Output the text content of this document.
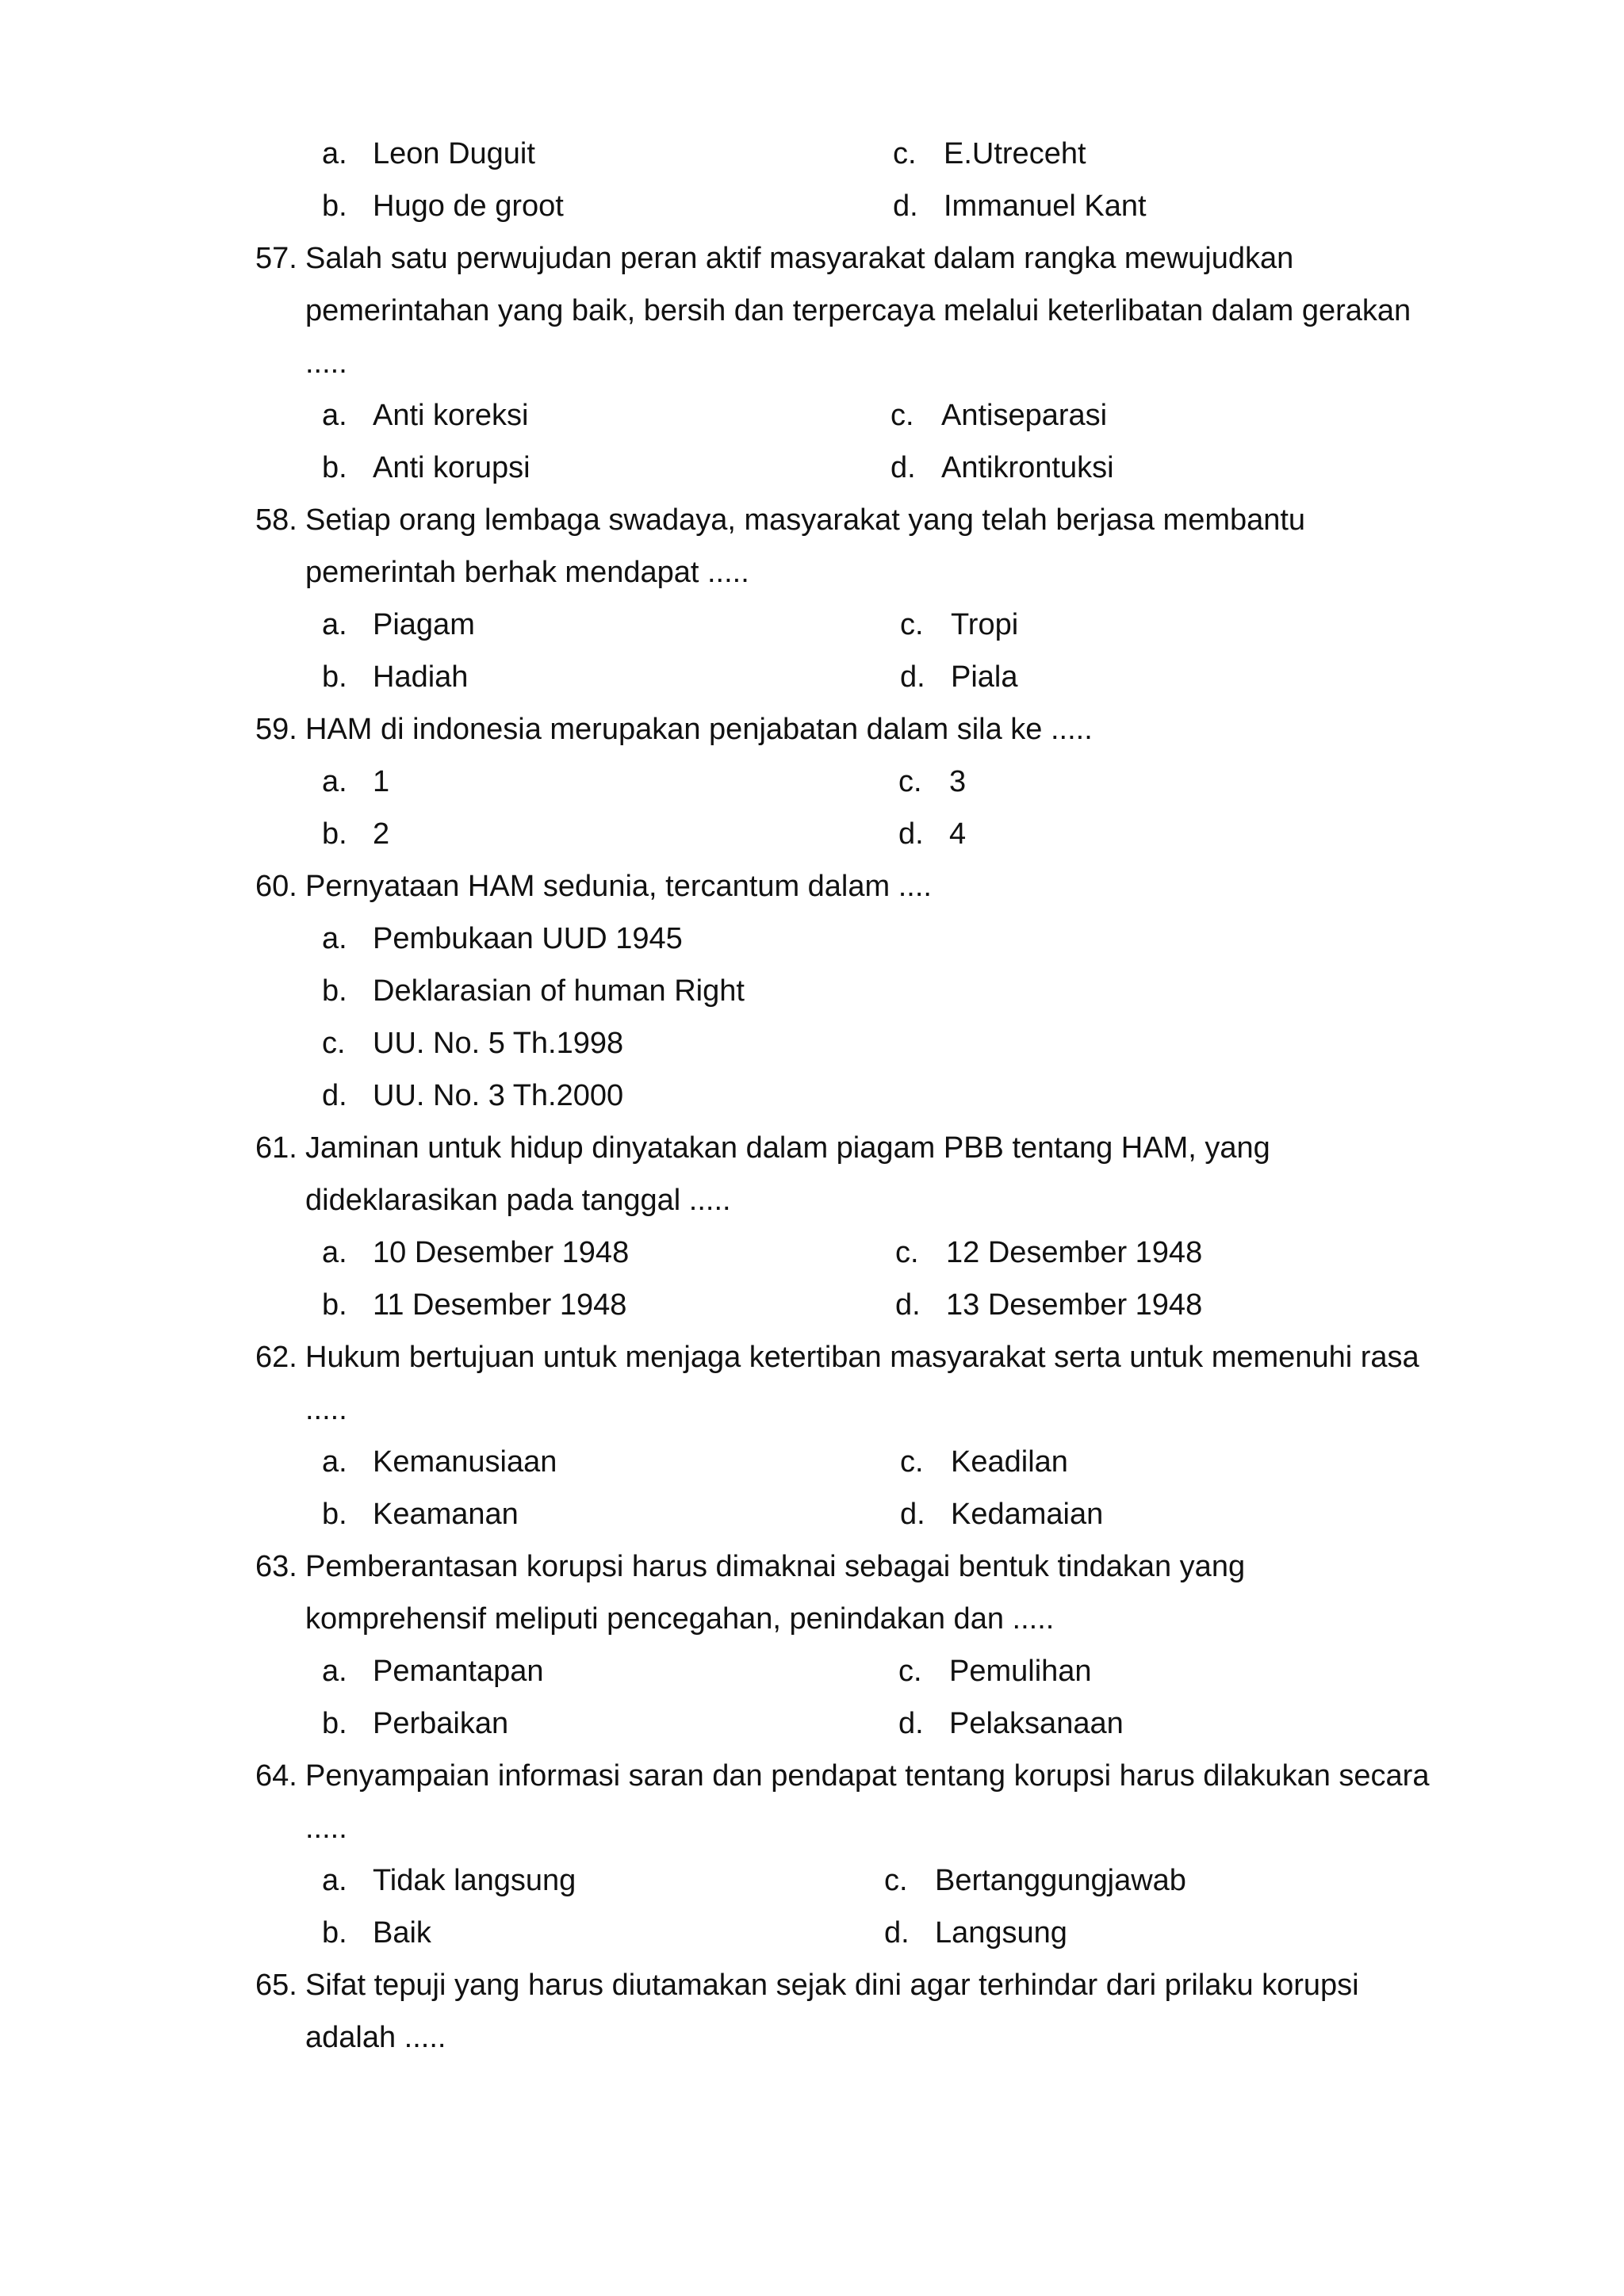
a. Leon Duguit	c. E.Utreceht
b. Hugo de groot	d. Immanuel Kant
57. Salah satu perwujudan peran aktif masyarakat dalam rangka mewujudkan
pemerintahan yang baik, bersih dan terpercaya melalui keterlibatan dalam gerakan
.....
a. Anti koreksi	c. Antiseparasi
b. Anti korupsi	d. Antikrontuksi
58. Setiap orang lembaga swadaya, masyarakat yang telah berjasa membantu
pemerintah berhak mendapat .....
a. Piagam	c. Tropi
b. Hadiah	d. Piala
59. HAM di indonesia merupakan penjabatan dalam sila ke .....
a. 1	c. 3
b. 2	d. 4
60. Pernyataan HAM sedunia, tercantum dalam ....
a. Pembukaan UUD 1945
b. Deklarasian of human Right
c. UU. No. 5 Th.1998
d. UU. No. 3 Th.2000
61. Jaminan untuk hidup dinyatakan dalam piagam PBB tentang HAM, yang
dideklarasikan pada tanggal .....
a. 10 Desember 1948	c. 12 Desember 1948
b. 11 Desember 1948	d. 13 Desember 1948
62. Hukum bertujuan untuk menjaga ketertiban masyarakat serta untuk memenuhi rasa
.....
a. Kemanusiaan	c. Keadilan
b. Keamanan	d. Kedamaian
63. Pemberantasan korupsi harus dimaknai sebagai bentuk tindakan yang
komprehensif meliputi pencegahan, penindakan dan .....
a. Pemantapan	c. Pemulihan
b. Perbaikan	d. Pelaksanaan
64. Penyampaian informasi saran dan pendapat tentang korupsi harus dilakukan secara
.....
a. Tidak langsung	c. Bertanggungjawab
b. Baik	d. Langsung
65. Sifat tepuji yang harus diutamakan sejak dini agar terhindar dari prilaku korupsi
adalah .....
